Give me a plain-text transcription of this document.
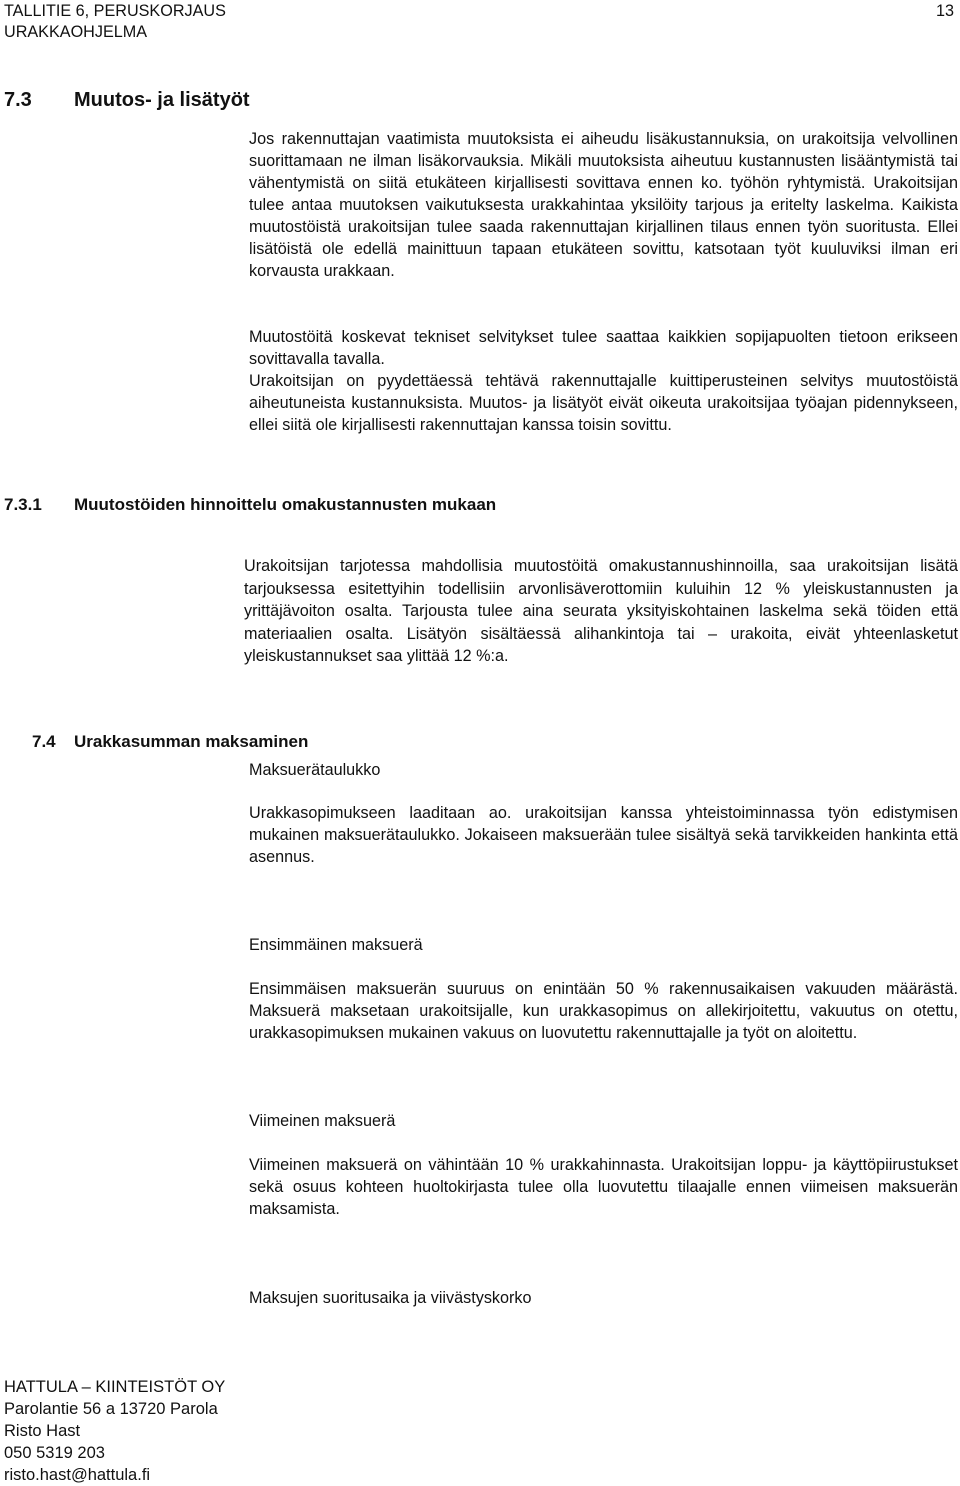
TALLITIE 6, PERUSKORJAUS
URAKKAOHJELMA
13
7.3 Muutos- ja lisätyöt

Jos rakennuttajan vaatimista muutoksista ei aiheudu lisäkustannuksia, on urakoitsija velvollinen suorittamaan ne ilman lisäkorvauksia. Mikäli muutoksista aiheutuu kustannusten lisääntymistä tai vähentymistä on siitä etukäteen kirjallisesti sovittava ennen ko. työhön ryhtymistä. Urakoitsijan tulee antaa muutoksen vaikutuksesta urakkahintaa yksilöity tarjous ja eritelty laskelma. Kaikista muutostöistä urakoitsijan tulee saada rakennuttajan kirjallinen tilaus ennen työn suoritusta. Ellei lisätöistä ole edellä mainittuun tapaan etukäteen sovittu, katsotaan työt kuuluviksi ilman eri korvausta urakkaan.

Muutostöitä koskevat tekniset selvitykset tulee saattaa kaikkien sopijapuolten tietoon erikseen sovittavalla tavalla.

Urakoitsijan on pyydettäessä tehtävä rakennuttajalle kuittiperusteinen selvitys muutostöistä aiheutuneista kustannuksista. Muutos- ja lisätyöt eivät oikeuta urakoitsijaa työajan pidennykseen, ellei siitä ole kirjallisesti rakennuttajan kanssa toisin sovittu.

7.3.1 Muutostöiden hinnoittelu omakustannusten mukaan

Urakoitsijan tarjotessa mahdollisia muutostöitä omakustannushinnoilla, saa urakoitsijan lisätä tarjouksessa esitettyihin todellisiin arvonlisäverottomiin kuluihin 12 % yleiskustannusten ja yrittäjävoiton osalta. Tarjousta tulee aina seurata yksityiskohtainen laskelma sekä töiden että materiaalien osalta. Lisätyön sisältäessä alihankintoja tai – urakoita, eivät yhteenlasketut yleiskustannukset saa ylittää 12 %:a.

7.4 Urakkasumman maksaminen
Maksuerätaulukko

Urakkasopimukseen laaditaan ao. urakoitsijan kanssa yhteistoiminnassa työn edistymisen mukainen maksuerätaulukko. Jokaiseen maksuerään tulee sisältyä sekä tarvikkeiden hankinta että asennus.

Ensimmäinen maksuerä

Ensimmäisen maksuerän suuruus on enintään 50 % rakennusaikaisen vakuuden määrästä. Maksuerä maksetaan urakoitsijalle, kun urakkasopimus on allekirjoitettu, vakuutus on otettu, urakkasopimuksen mukainen vakuus on luovutettu rakennuttajalle ja työt on aloitettu.

Viimeinen maksuerä

Viimeinen maksuerä on vähintään 10 % urakkahinnasta. Urakoitsijan loppu- ja käyttöpiirustukset sekä osuus kohteen huoltokirjasta tulee olla luovutettu tilaajalle ennen viimeisen maksuerän maksamista.

Maksujen suoritusaika ja viivästyskorko
HATTULA – KIINTEISTÖT OY
Parolantie 56 a 13720 Parola
Risto Hast
050 5319 203
risto.hast@hattula.fi
